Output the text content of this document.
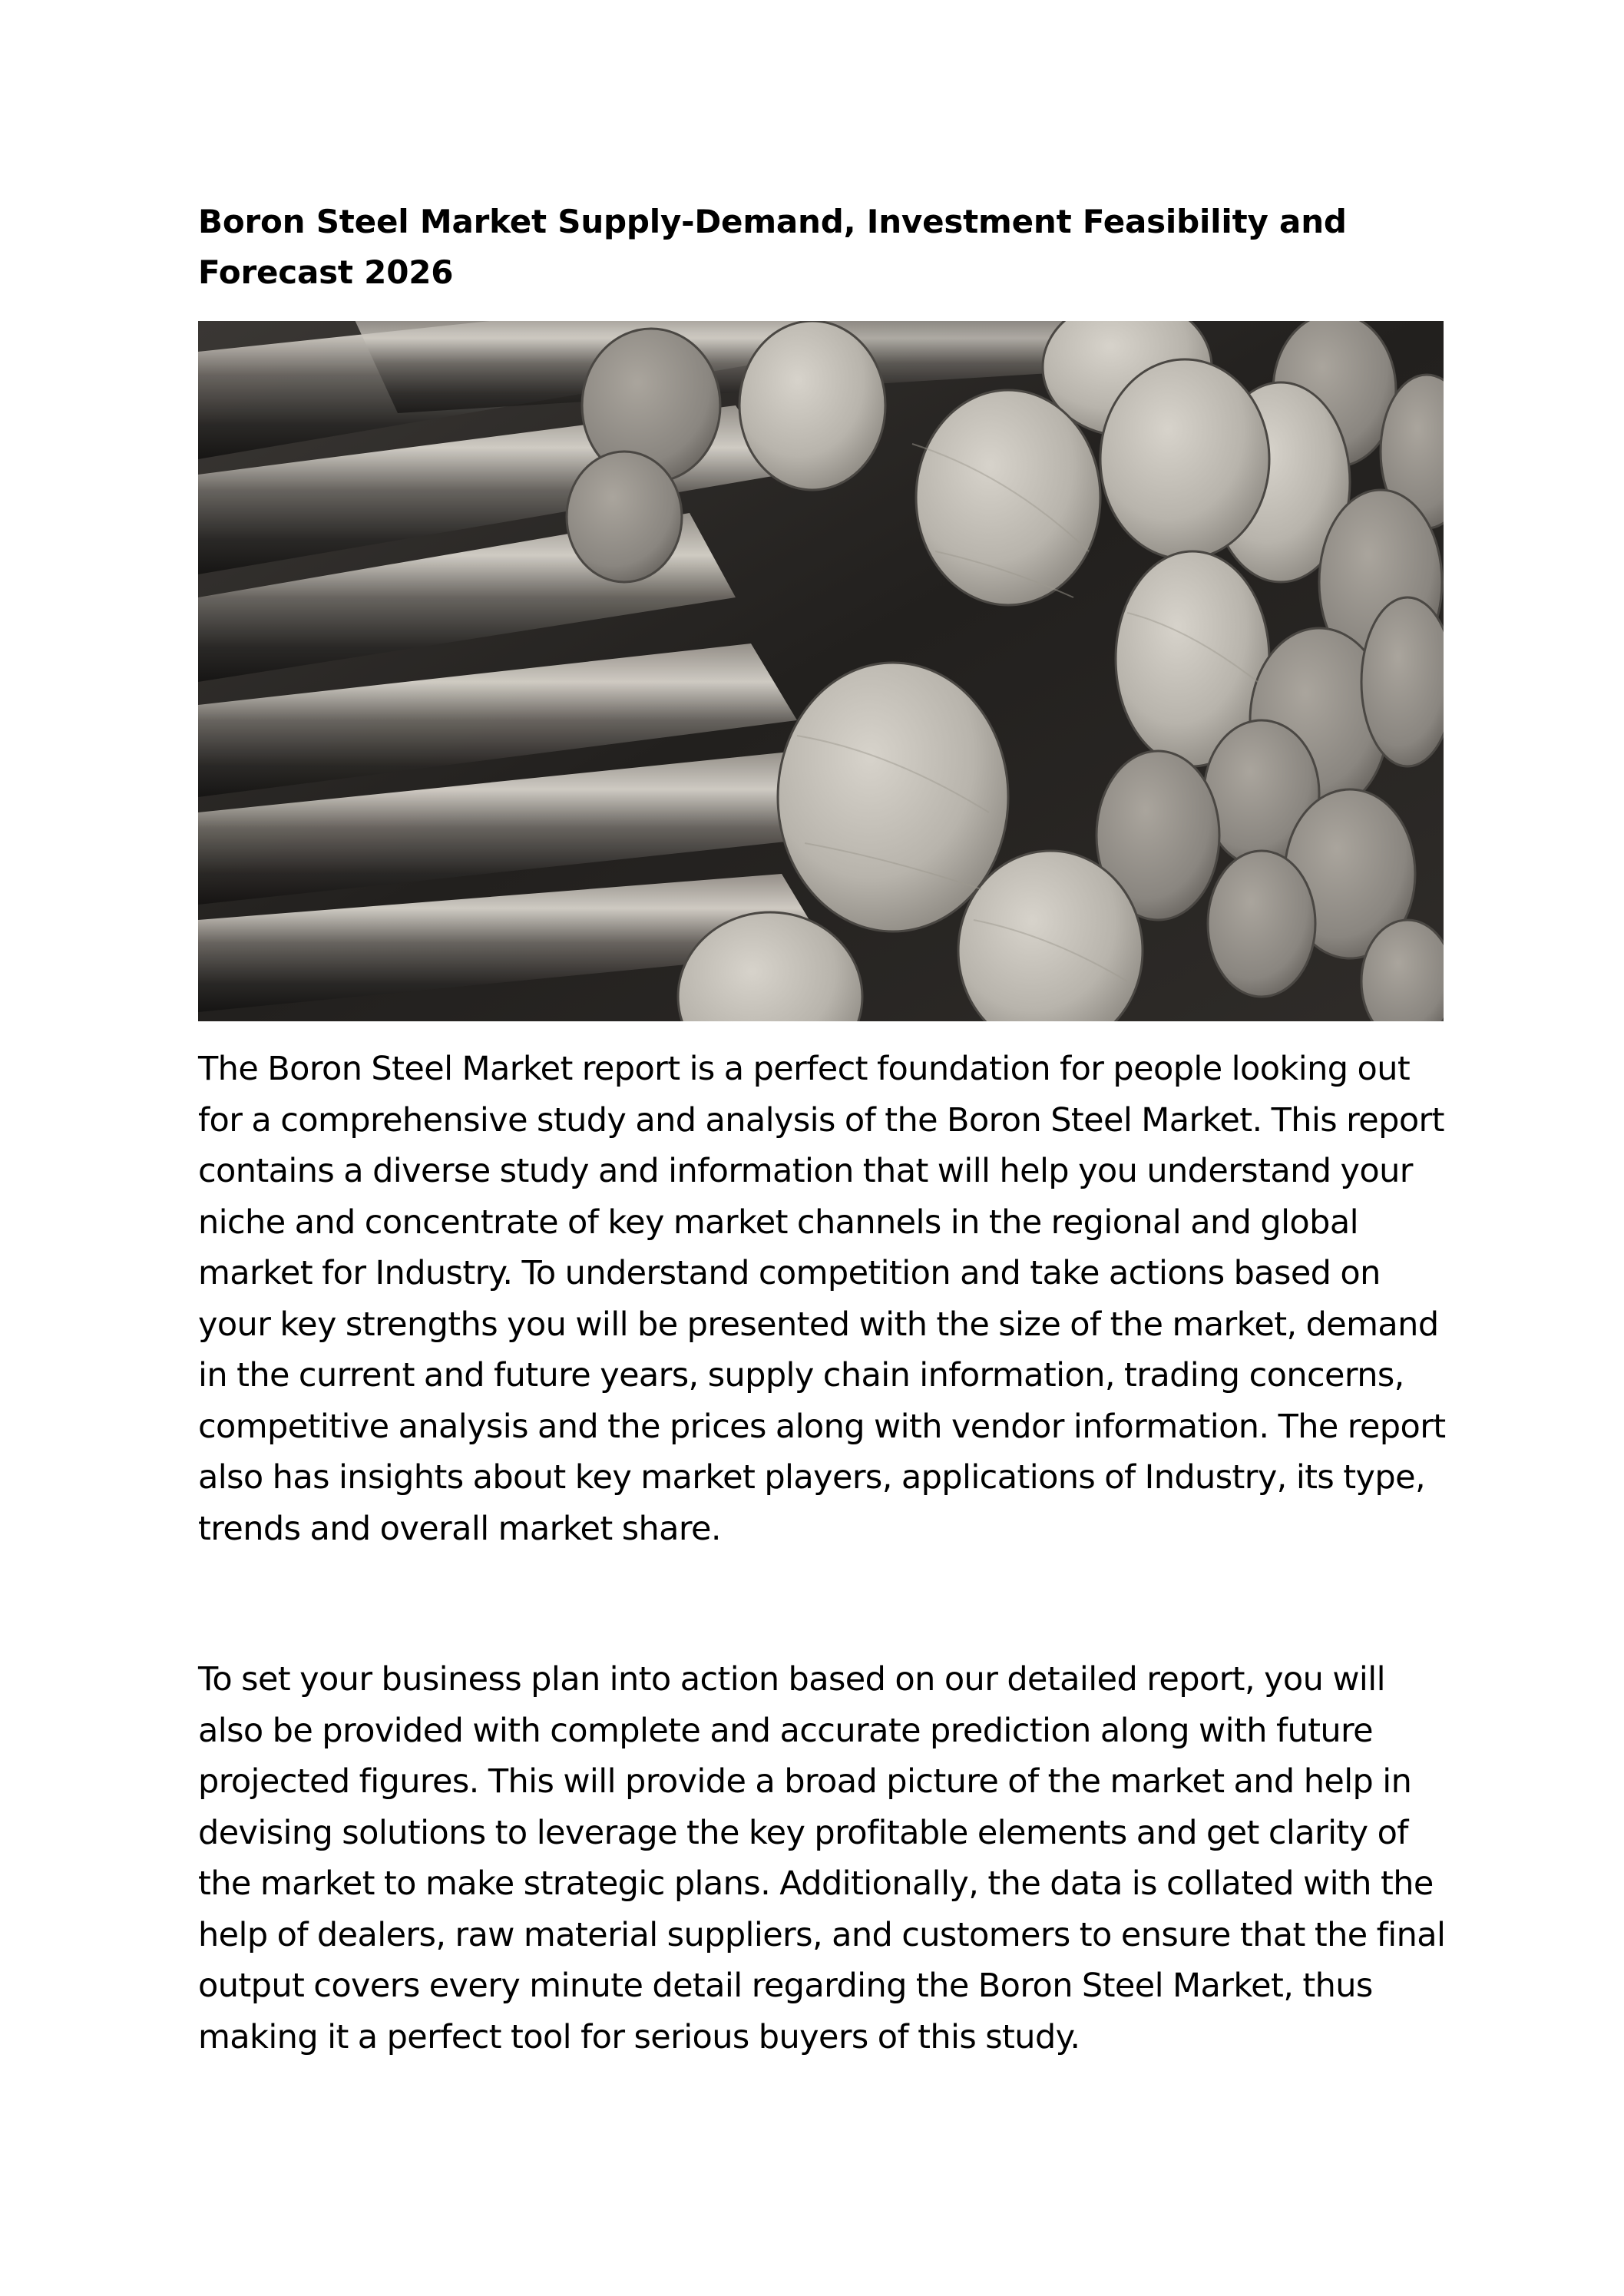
Boron Steel Market Supply-Demand, Investment Feasibility and Forecast 2026

The Boron Steel Market report is a perfect foundation for people looking out for a comprehensive study and analysis of the Boron Steel Market. This report contains a diverse study and information that will help you understand your niche and concentrate of key market channels in the regional and global market for Industry. To understand competition and take actions based on your key strengths you will be presented with the size of the market, demand in the current and future years, supply chain information, trading concerns, competitive analysis and the prices along with vendor information. The report also has insights about key market players, applications of Industry, its type, trends and overall market share.

To set your business plan into action based on our detailed report, you will also be provided with complete and accurate prediction along with future projected figures. This will provide a broad picture of the market and help in devising solutions to leverage the key profitable elements and get clarity of the market to make strategic plans. Additionally, the data is collated with the help of dealers, raw material suppliers, and customers to ensure that the final output covers every minute detail regarding the Boron Steel Market, thus making it a perfect tool for serious buyers of this study.
